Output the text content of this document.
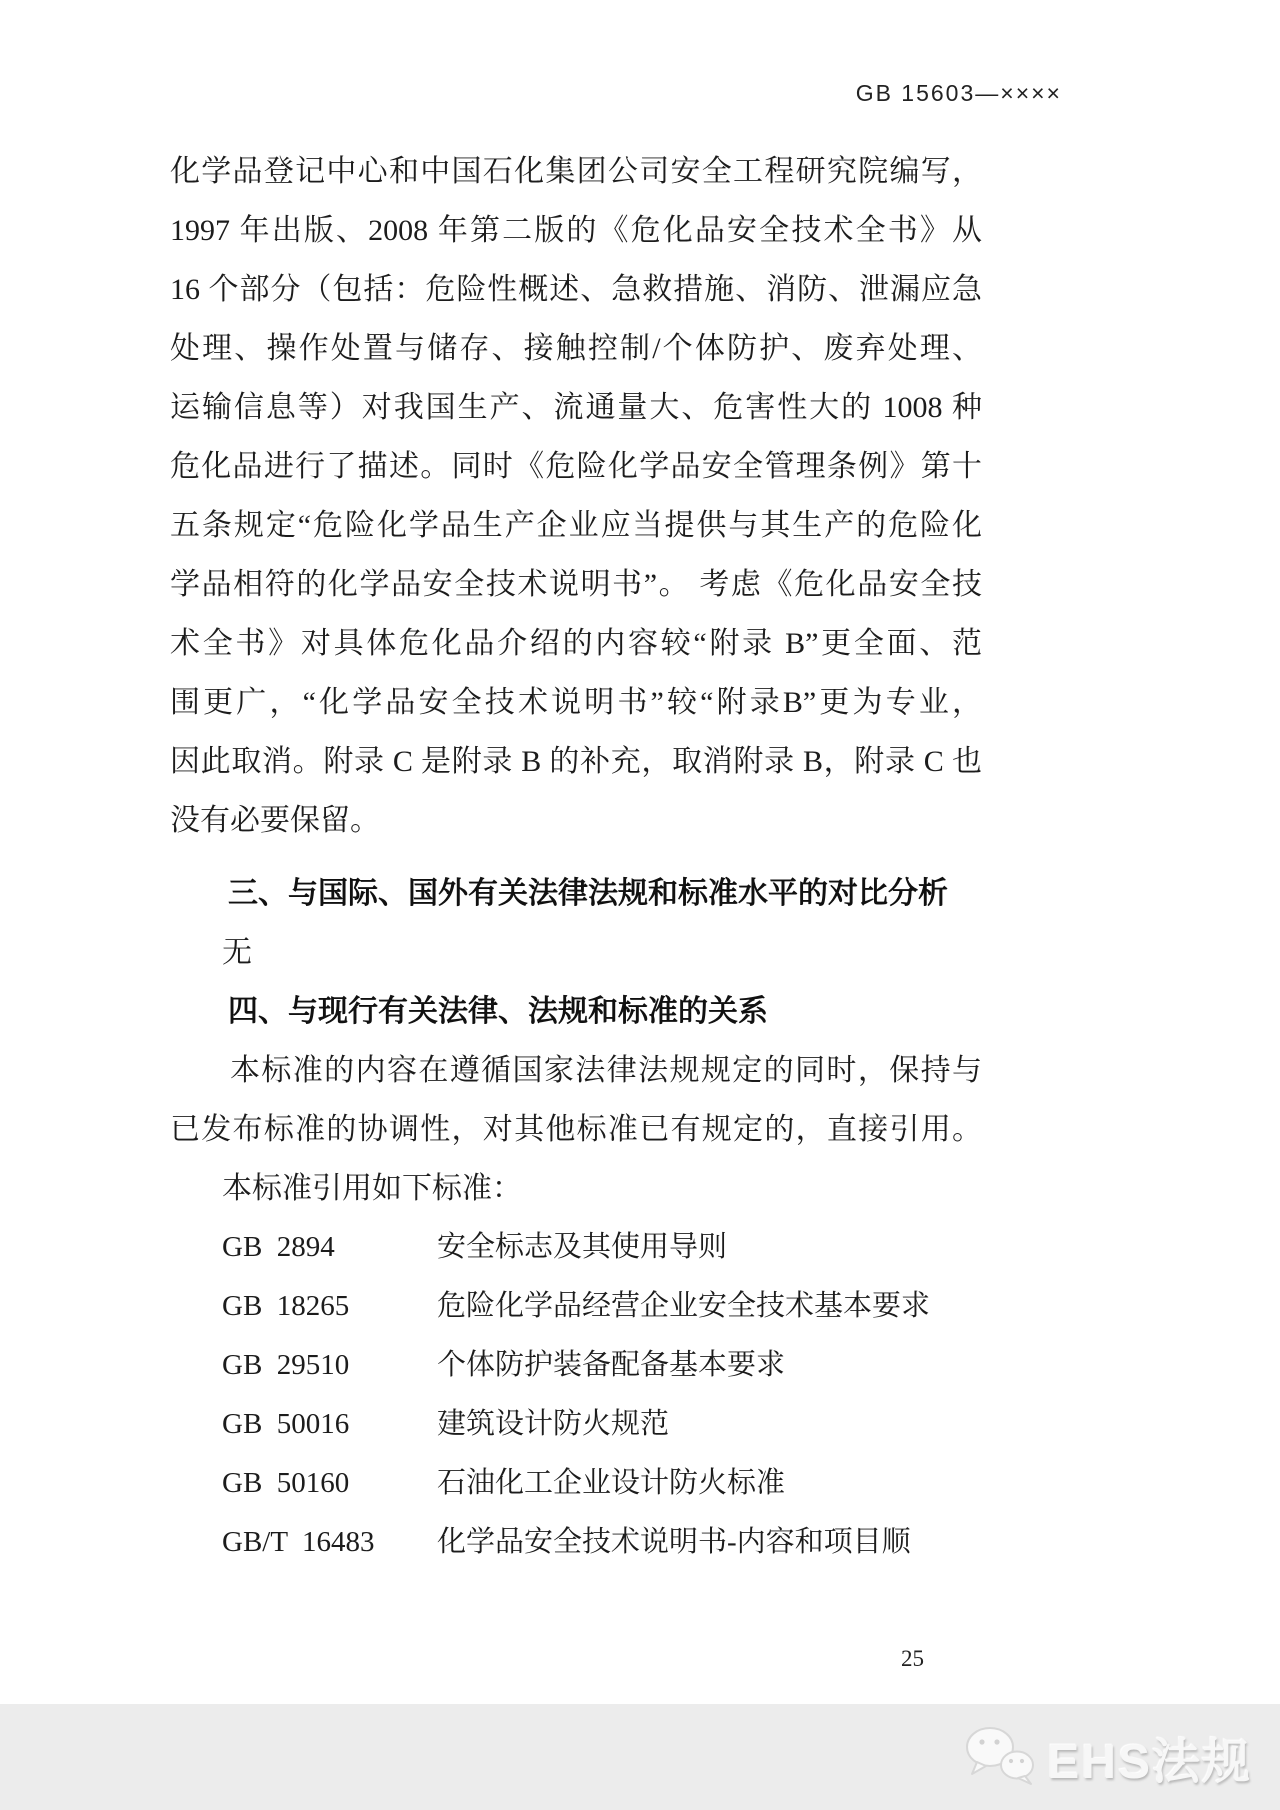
GB 15603—××××
化学品登记中心和中国石化集团公司安全工程研究院编写，
1997 年出版、2008 年第二版的《危化品安全技术全书》从
16 个部分（包括：危险性概述、急救措施、消防、泄漏应急
处理、操作处置与储存、接触控制/个体防护、废弃处理、
运输信息等）对我国生产、流通量大、危害性大的 1008 种
危化品进行了描述。同时《危险化学品安全管理条例》第十
五条规定“危险化学品生产企业应当提供与其生产的危险化
学品相符的化学品安全技术说明书”。 考虑《危化品安全技
术全书》对具体危化品介绍的内容较“附录 B”更全面、范
围更广，“化学品安全技术说明书”较“附录B”更为专业，
因此取消。附录 C 是附录 B 的补充，取消附录 B，附录 C 也
没有必要保留。
三、与国际、国外有关法律法规和标准水平的对比分析
无
四、与现行有关法律、法规和标准的关系
本标准的内容在遵循国家法律法规规定的同时，保持与
已发布标准的协调性，对其他标准已有规定的，直接引用。
本标准引用如下标准：
GB  2894	安全标志及其使用导则
GB  18265	危险化学品经营企业安全技术基本要求
GB  29510	个体防护装备配备基本要求
GB  50016	建筑设计防火规范
GB  50160	石油化工企业设计防火标准
GB/T  16483	化学品安全技术说明书-内容和项目顺
25
EHS法规
